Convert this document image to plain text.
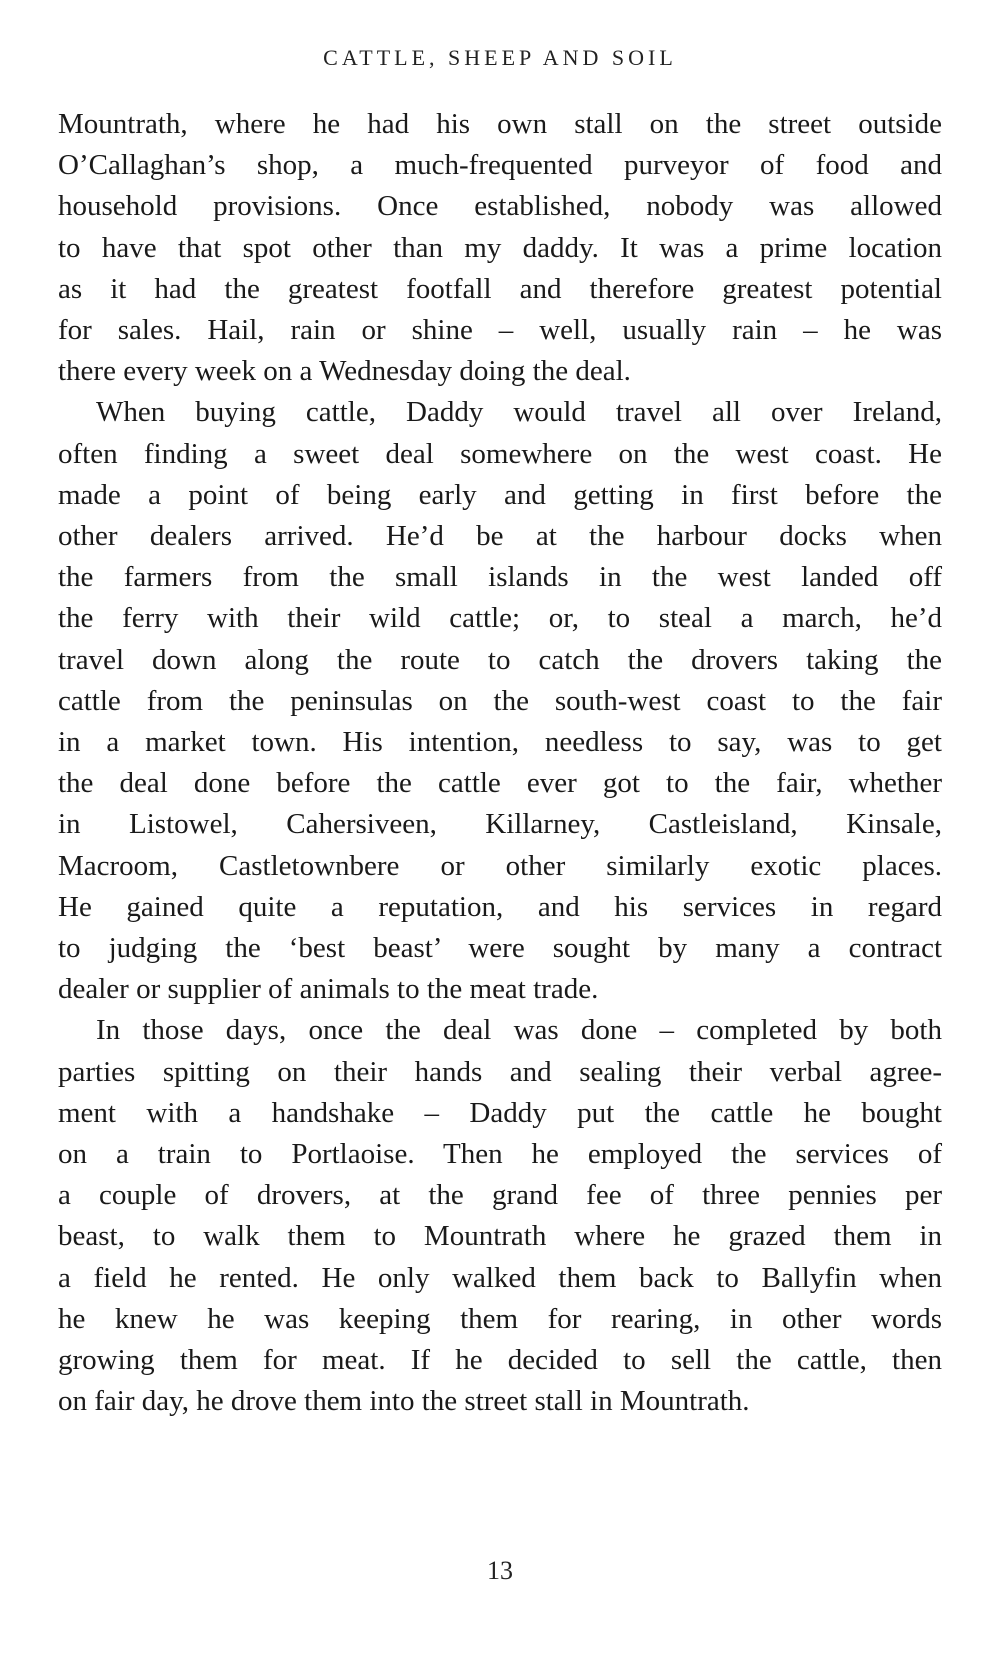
CATTLE, SHEEP AND SOIL

Mountrath, where he had his own stall on the street outside
O’Callaghan’s shop, a much-frequented purveyor of food and
household provisions. Once established, nobody was allowed
to have that spot other than my daddy. It was a prime location
as it had the greatest footfall and therefore greatest potential
for sales. Hail, rain or shine – well, usually rain – he was
there every week on a Wednesday doing the deal.

When buying cattle, Daddy would travel all over Ireland,
often finding a sweet deal somewhere on the west coast. He
made a point of being early and getting in first before the
other dealers arrived. He’d be at the harbour docks when
the farmers from the small islands in the west landed off
the ferry with their wild cattle; or, to steal a march, he’d
travel down along the route to catch the drovers taking the
cattle from the peninsulas on the south-west coast to the fair
in a market town. His intention, needless to say, was to get
the deal done before the cattle ever got to the fair, whether
in Listowel, Cahersiveen, Killarney, Castleisland, Kinsale,
Macroom, Castletownbere or other similarly exotic places.
He gained quite a reputation, and his services in regard
to judging the ‘best beast’ were sought by many a contract
dealer or supplier of animals to the meat trade.

In those days, once the deal was done – completed by both
parties spitting on their hands and sealing their verbal agree-
ment with a handshake – Daddy put the cattle he bought
on a train to Portlaoise. Then he employed the services of
a couple of drovers, at the grand fee of three pennies per
beast, to walk them to Mountrath where he grazed them in
a field he rented. He only walked them back to Ballyfin when
he knew he was keeping them for rearing, in other words
growing them for meat. If he decided to sell the cattle, then
on fair day, he drove them into the street stall in Mountrath.

13
